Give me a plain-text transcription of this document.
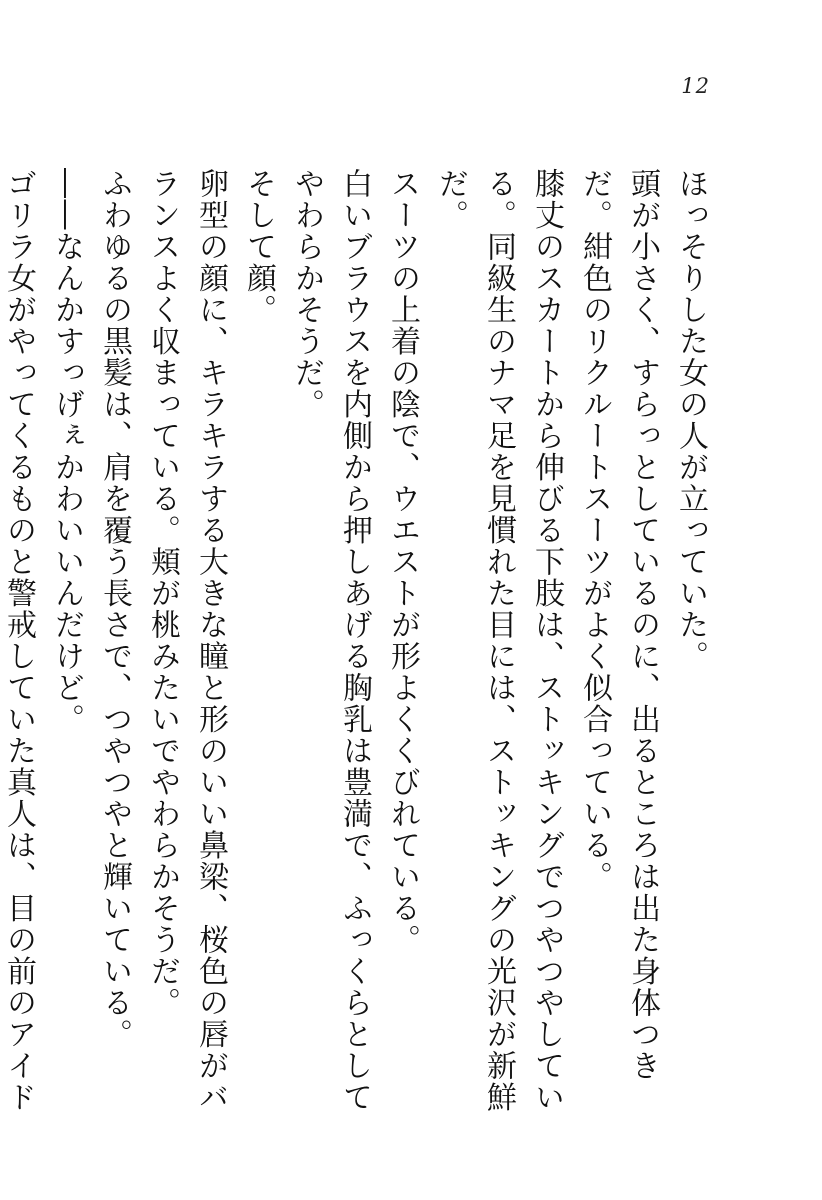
12

ほっそりした女の人が立っていた。

頭が小さく、すらっとしているのに、出るところは出た身体つきだ。紺色のリクルートスーツがよく似合っている。

膝丈のスカートから伸びる下肢は、ストッキングでつやつやしている。同級生のナマ足を見慣れた目には、ストッキングの光沢が新鮮だ。

スーツの上着の陰で、ウエストが形よくくびれている。

白いブラウスを内側から押しあげる胸乳は豊満で、ふっくらとしてやわらかそうだ。

そして顔。

卵型の顔に、キラキラする大きな瞳と形のいい鼻梁、桜色の唇がバランスよく収まっている。頬が桃みたいでやわらかそうだ。

ふわゆるの黒髪は、肩を覆う長さで、つやつやと輝いている。

――なんかすっげぇかわいいんだけど。

ゴリラ女がやってくるものと警戒していた真人は、目の前のアイド
